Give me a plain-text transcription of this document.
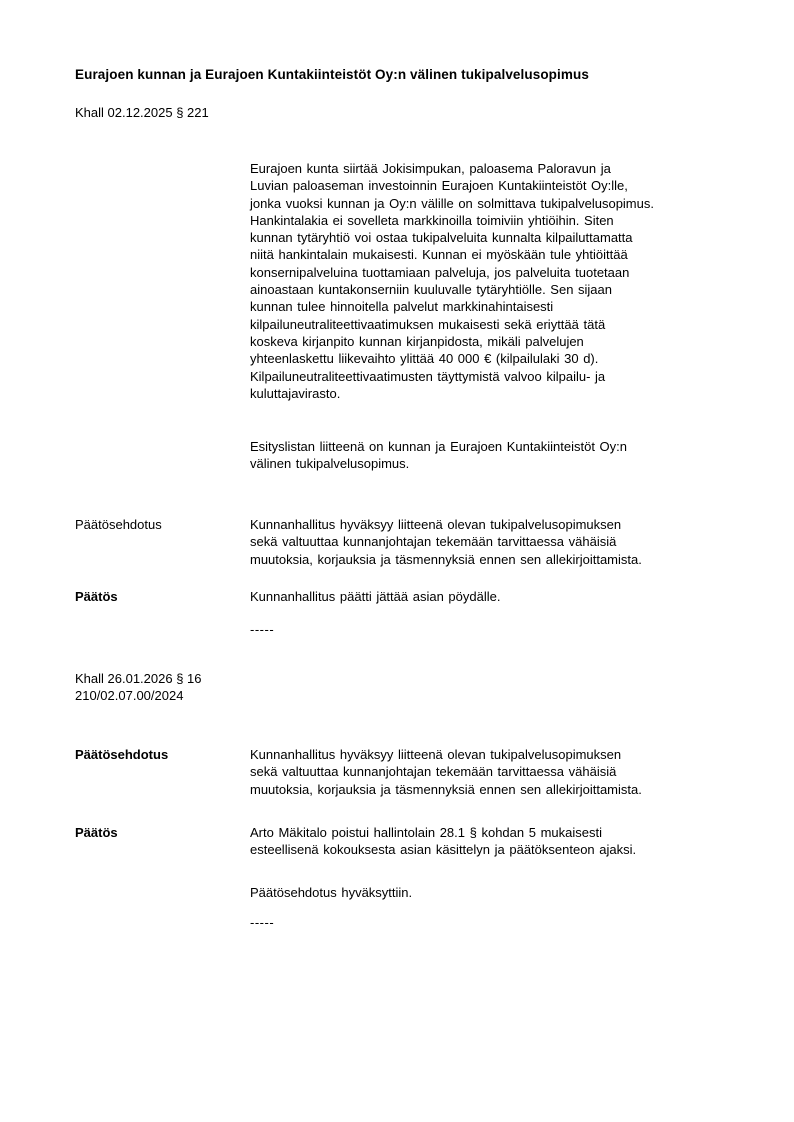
Eurajoen kunnan ja Eurajoen Kuntakiinteistöt Oy:n välinen tukipalvelusopimus
Khall 02.12.2025 § 221
Eurajoen kunta siirtää Jokisimpukan, paloasema Paloravun ja
Luvian paloaseman investoinnin Eurajoen Kuntakiinteistöt Oy:lle,
jonka vuoksi kunnan ja Oy:n välille on solmittava tukipalvelusopimus.
Hankintalakia ei sovelleta markkinoilla toimiviin yhtiöihin. Siten
kunnan tytäryhtiö voi ostaa tukipalveluita kunnalta kilpailuttamatta
niitä hankintalain mukaisesti. Kunnan ei myöskään tule yhtiöittää
konsernipalveluina tuottamiaan palveluja, jos palveluita tuotetaan
ainoastaan kuntakonserniin kuuluvalle tytäryhtiölle. Sen sijaan
kunnan tulee hinnoitella palvelut markkinahintaisesti
kilpailuneutraliteettivaatimuksen mukaisesti sekä eriyttää tätä
koskeva kirjanpito kunnan kirjanpidosta, mikäli palvelujen
yhteenlaskettu liikevaihto ylittää 40 000 € (kilpailulaki 30 d).
Kilpailuneutraliteettivaatimusten täyttymistä valvoo kilpailu- ja
kuluttajavirasto.
Esityslistan liitteenä on kunnan ja Eurajoen Kuntakiinteistöt Oy:n
välinen tukipalvelusopimus.
Päätösehdotus	Kunnanhallitus hyväksyy liitteenä olevan tukipalvelusopimuksen
sekä valtuuttaa kunnanjohtajan tekemään tarvittaessa vähäisiä
muutoksia, korjauksia ja täsmennyksiä ennen sen allekirjoittamista.
Päätös	Kunnanhallitus päätti jättää asian pöydälle.
-----
Khall 26.01.2026 § 16
210/02.07.00/2024
Päätösehdotus	Kunnanhallitus hyväksyy liitteenä olevan tukipalvelusopimuksen
sekä valtuuttaa kunnanjohtajan tekemään tarvittaessa vähäisiä
muutoksia, korjauksia ja täsmennyksiä ennen sen allekirjoittamista.
Päätös	Arto Mäkitalo poistui hallintolain 28.1 § kohdan 5 mukaisesti
esteellisenä kokouksesta asian käsittelyn ja päätöksenteon ajaksi.
Päätösehdotus hyväksyttiin.
-----
